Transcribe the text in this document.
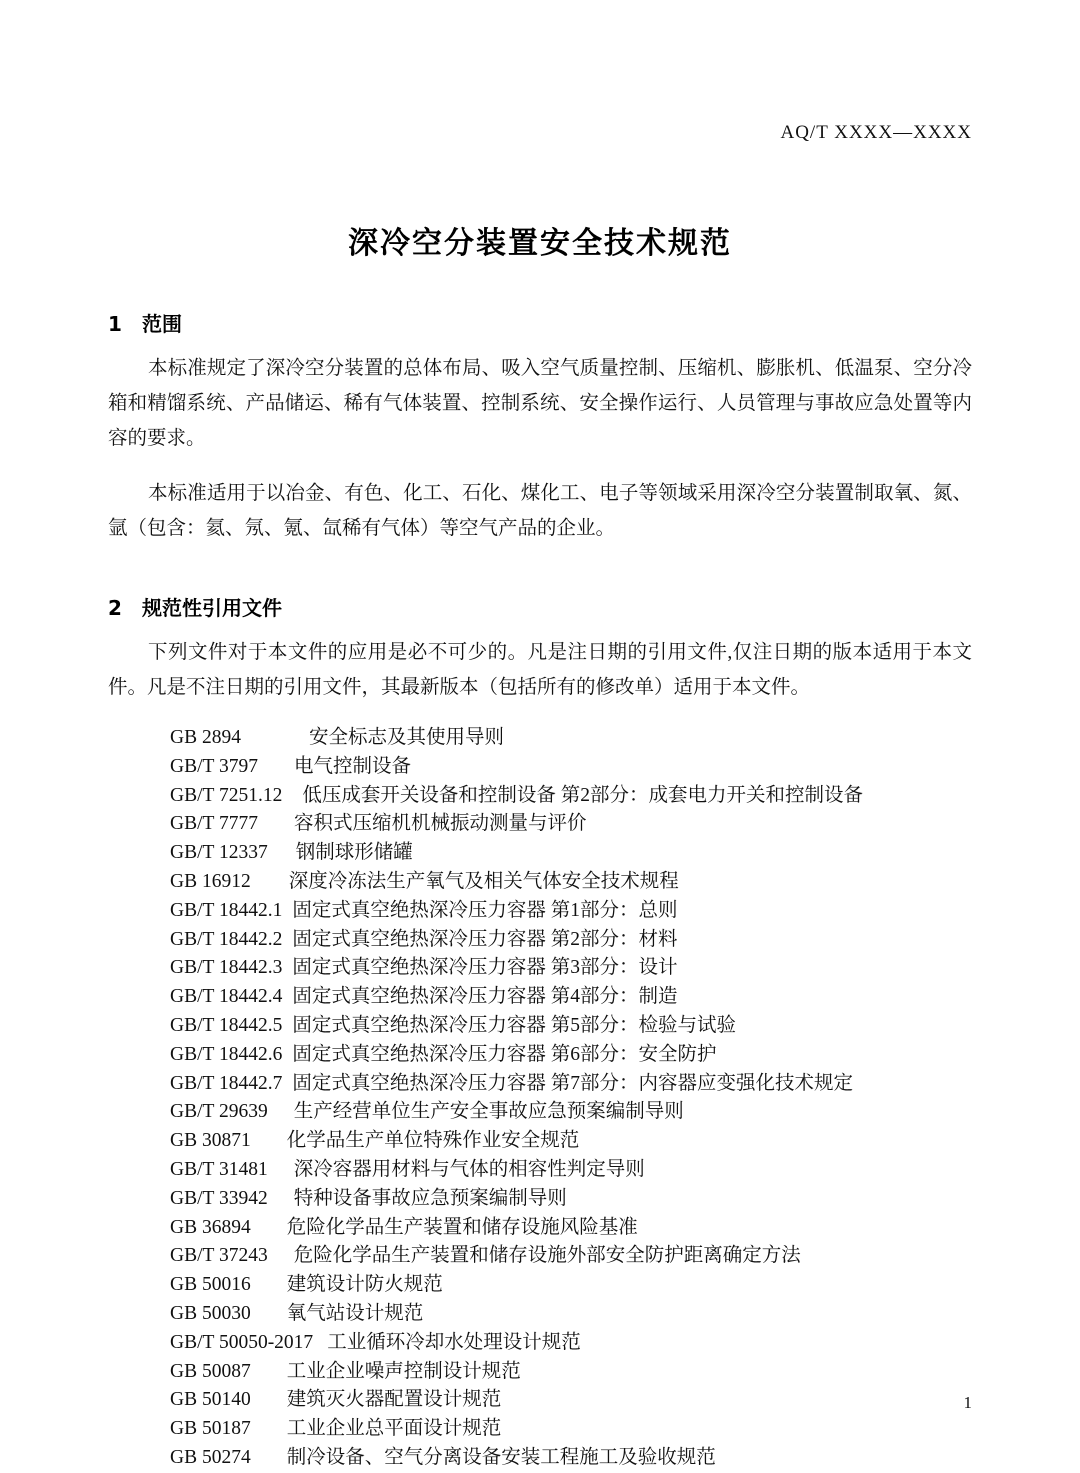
AQ/T XXXX—XXXX
深冷空分装置安全技术规范
1 范围

本标准规定了深冷空分装置的总体布局、吸入空气质量控制、压缩机、膨胀机、低温泵、空分冷箱和精馏系统、产品储运、稀有气体装置、控制系统、安全操作运行、人员管理与事故应急处置等内容的要求。

本标准适用于以冶金、有色、化工、石化、煤化工、电子等领域采用深冷空分装置制取氧、氮、氩（包含：氦、氖、氪、氙稀有气体）等空气产品的企业。

2 规范性引用文件

下列文件对于本文件的应用是必不可少的。凡是注日期的引用文件,仅注日期的版本适用于本文件。凡是不注日期的引用文件，其最新版本（包括所有的修改单）适用于本文件。

GB 2894	安全标志及其使用导则
GB/T 3797 电气控制设备
GB/T 7251.12 低压成套开关设备和控制设备 第2部分：成套电力开关和控制设备
GB/T 7777 容积式压缩机机械振动测量与评价
GB/T 12337 钢制球形储罐
GB 16912 深度冷冻法生产氧气及相关气体安全技术规程
GB/T 18442.1 固定式真空绝热深冷压力容器 第1部分：总则
GB/T 18442.2 固定式真空绝热深冷压力容器 第2部分：材料
GB/T 18442.3 固定式真空绝热深冷压力容器 第3部分：设计
GB/T 18442.4 固定式真空绝热深冷压力容器 第4部分：制造
GB/T 18442.5 固定式真空绝热深冷压力容器 第5部分：检验与试验
GB/T 18442.6 固定式真空绝热深冷压力容器 第6部分：安全防护
GB/T 18442.7 固定式真空绝热深冷压力容器 第7部分：内容器应变强化技术规定
GB/T 29639 生产经营单位生产安全事故应急预案编制导则
GB 30871 化学品生产单位特殊作业安全规范
GB/T 31481 深冷容器用材料与气体的相容性判定导则
GB/T 33942 特种设备事故应急预案编制导则
GB 36894 危险化学品生产装置和储存设施风险基准
GB/T 37243 危险化学品生产装置和储存设施外部安全防护距离确定方法
GB 50016 建筑设计防火规范
GB 50030 氧气站设计规范
GB/T 50050-2017 工业循环冷却水处理设计规范
GB 50087 工业企业噪声控制设计规范
GB 50140 建筑灭火器配置设计规范
GB 50187 工业企业总平面设计规范
GB 50274 制冷设备、空气分离设备安装工程施工及验收规范
1
